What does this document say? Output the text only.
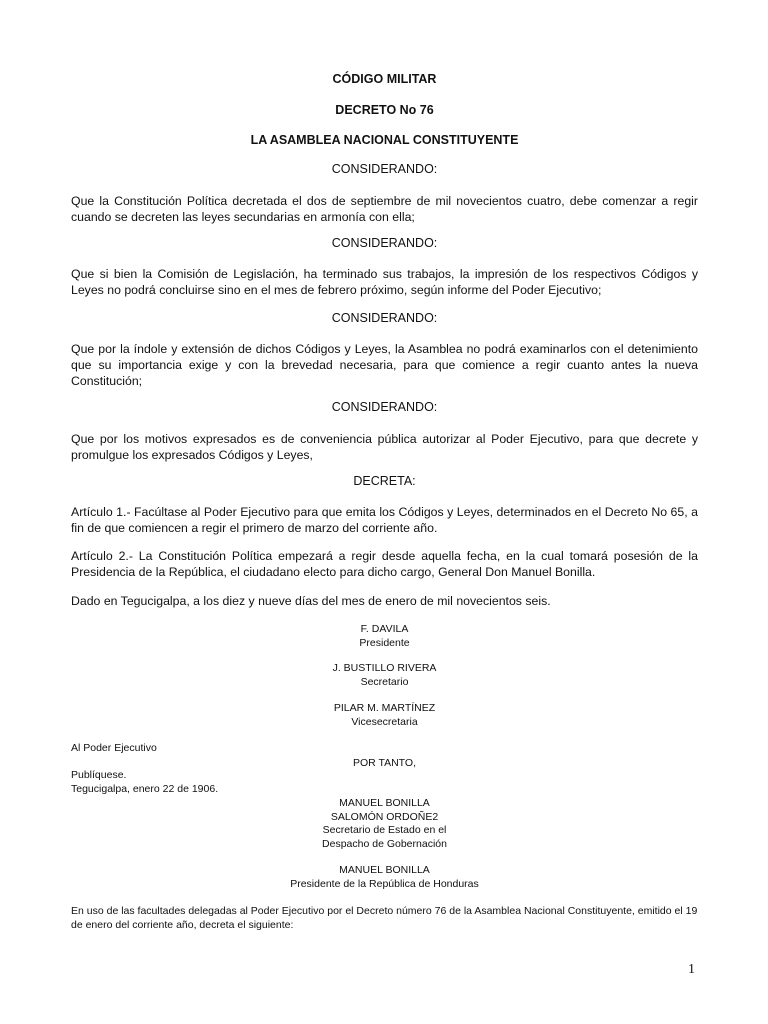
CÓDIGO MILITAR
DECRETO No 76
LA ASAMBLEA NACIONAL CONSTITUYENTE
CONSIDERANDO:

Que la Constitución Política decretada el dos de septiembre de mil novecientos cuatro, debe comenzar a regir cuando se decreten las leyes secundarias en armonía con ella;

CONSIDERANDO:

Que si bien la Comisión de Legislación, ha terminado sus trabajos, la impresión de los respectivos Códigos y Leyes no podrá concluirse sino en el mes de febrero próximo, según informe del Poder Ejecutivo;

CONSIDERANDO:

Que por la índole y extensión de dichos Códigos y Leyes, la Asamblea no podrá examinarlos con el detenimiento que su importancia exige y con la brevedad necesaria, para que comience a regir cuanto antes la nueva Constitución;

CONSIDERANDO:

Que por los motivos expresados es de conveniencia pública autorizar al Poder Ejecutivo, para que decrete y promulgue los expresados Códigos y Leyes,

DECRETA:

Artículo 1.- Facúltase al Poder Ejecutivo para que emita los Códigos y Leyes, determinados en el Decreto No 65, a fin de que comiencen a regir el primero de marzo del corriente año.

Artículo 2.- La Constitución Política empezará a regir desde aquella fecha, en la cual tomará posesión de la Presidencia de la República, el ciudadano electo para dicho cargo, General Don Manuel Bonilla.

Dado en Tegucigalpa, a los diez y nueve días del mes de enero de mil novecientos seis.

F. DAVILA
Presidente
J. BUSTILLO RIVERA
Secretario
PILAR M. MARTÍNEZ
Vicesecretaria
Al Poder Ejecutivo
POR TANTO,
Publíquese.
Tegucigalpa, enero 22 de 1906.
MANUEL BONILLA
SALOMÓN ORDOÑE2
Secretario de Estado en el
Despacho de Gobernación
MANUEL BONILLA
Presidente de la República de Honduras

En uso de las facultades delegadas al Poder Ejecutivo por el Decreto número 76 de la Asamblea Nacional Constituyente, emitido el 19 de enero del corriente año, decreta el siguiente:

1
